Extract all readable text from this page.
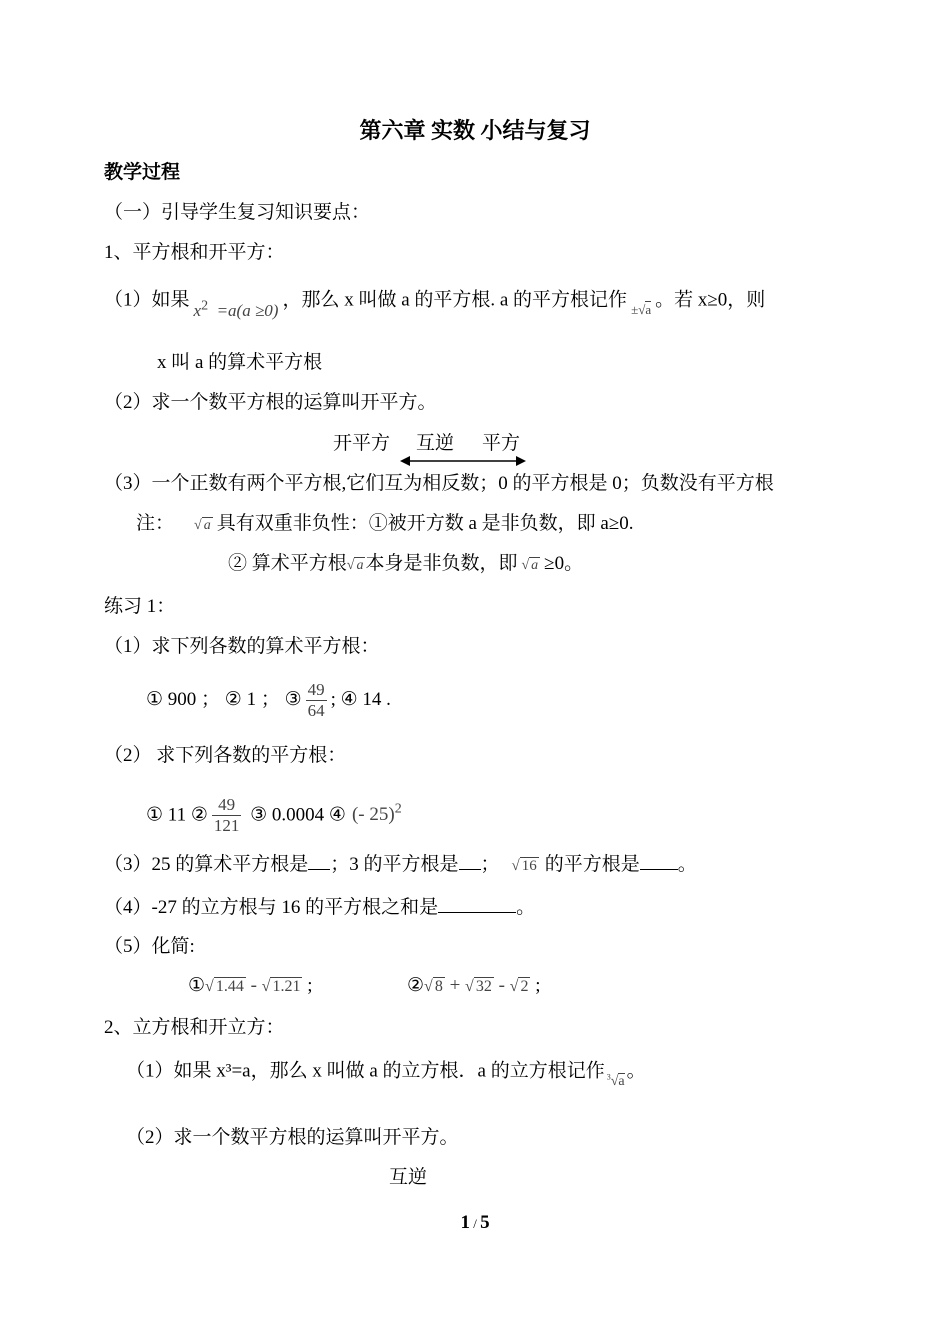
第六章 实数 小结与复习
教学过程
（一）引导学生复习知识要点：
1、平方根和开平方：
（1）如果 $x^2 =a(a \ge 0)$ ，那么 x 叫做 a 的平方根. a 的平方根记作 $_{\pm√a}$ 。若 x≥0，则
x 叫 a 的算术平方根
（2）求一个数平方根的运算叫开平方。
开平方 互逆 平方
（3）一个正数有两个平方根,它们互为相反数；0 的平方根是 0；负数没有平方根
注： √ a 具有双重非负性：①被开方数 a 是非负数，即 a≥0.
② 算术平方根√ a 本身是非负数，即 √ a ≥0。
练习 1：
（1）求下列各数的算术平方根：
① 900 ； ② 1 ； ③ $\frac{49}{64}$ ; ④ 14 .
（2） 求下列各数的平方根：
① 11 ② $\frac{49}{121}$ ③ 0.0004 ④ (- 25)$^2$
（3）25 的算术平方根是 ；3 的平方根是 ； √ 16 的平方根是 。
（4）-27 的立方根与 16 的平方根之和是	。
（5）化简:
①√ 1.44 - √ 1.21 ;	②√ 8 + √ 32 - √ 2 ;
2、立方根和开立方：
（1）如果 x³=a，那么 x 叫做 a 的立方根．a 的立方根记作 $_{^3√a}$ 。
（2）求一个数平方根的运算叫开平方。
互逆
1 / 5
